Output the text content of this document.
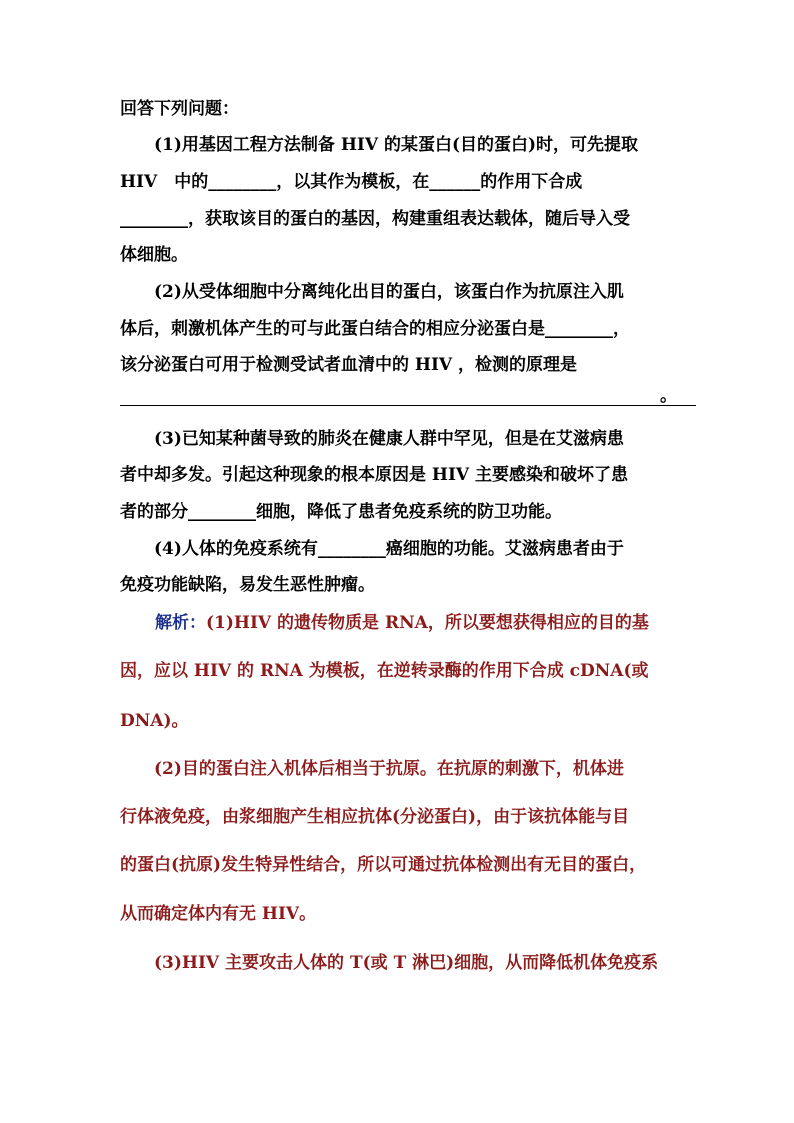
回答下列问题：
　　(1)用基因工程方法制备 HIV 的某蛋白(目的蛋白)时，可先提取
HIV　中的________，以其作为模板，在______的作用下合成
________，获取该目的蛋白的基因，构建重组表达载体，随后导入受
体细胞。
　　(2)从受体细胞中分离纯化出目的蛋白，该蛋白作为抗原注入肌
体后，刺激机体产生的可与此蛋白结合的相应分泌蛋白是________，
该分泌蛋白可用于检测受试者血清中的 HIV ，检测的原理是
。
　　(3)已知某种菌导致的肺炎在健康人群中罕见，但是在艾滋病患
者中却多发。引起这种现象的根本原因是 HIV 主要感染和破坏了患
者的部分________细胞，降低了患者免疫系统的防卫功能。
　　(4)人体的免疫系统有________癌细胞的功能。艾滋病患者由于
免疫功能缺陷，易发生恶性肿瘤。
解析：(1)HIV 的遗传物质是 RNA，所以要想获得相应的目的基
因，应以 HIV 的 RNA 为模板，在逆转录酶的作用下合成 cDNA(或
DNA)。
　　(2)目的蛋白注入机体后相当于抗原。在抗原的刺激下，机体进
行体液免疫，由浆细胞产生相应抗体(分泌蛋白)，由于该抗体能与目
的蛋白(抗原)发生特异性结合，所以可通过抗体检测出有无目的蛋白，
从而确定体内有无 HIV。
　　(3)HIV 主要攻击人体的 T(或 T 淋巴)细胞，从而降低机体免疫系
